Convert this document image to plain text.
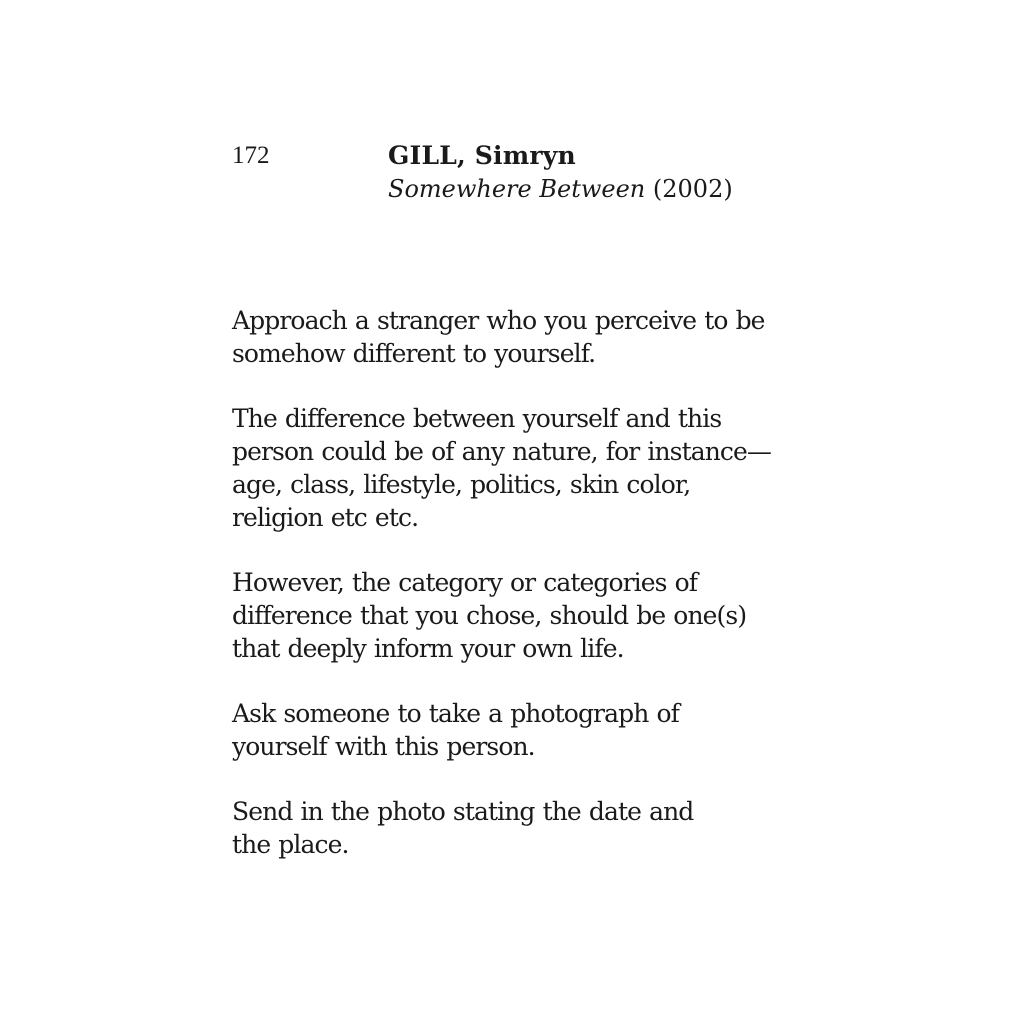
172	GILL, Simryn
Somewhere Between (2002)

Approach a stranger who you perceive to be
somehow different to yourself.

The difference between yourself and this
person could be of any nature, for instance—
age, class, lifestyle, politics, skin color,
religion etc etc.

However, the category or categories of
difference that you chose, should be one(s)
that deeply inform your own life.

Ask someone to take a photograph of
yourself with this person.

Send in the photo stating the date and
the place.
